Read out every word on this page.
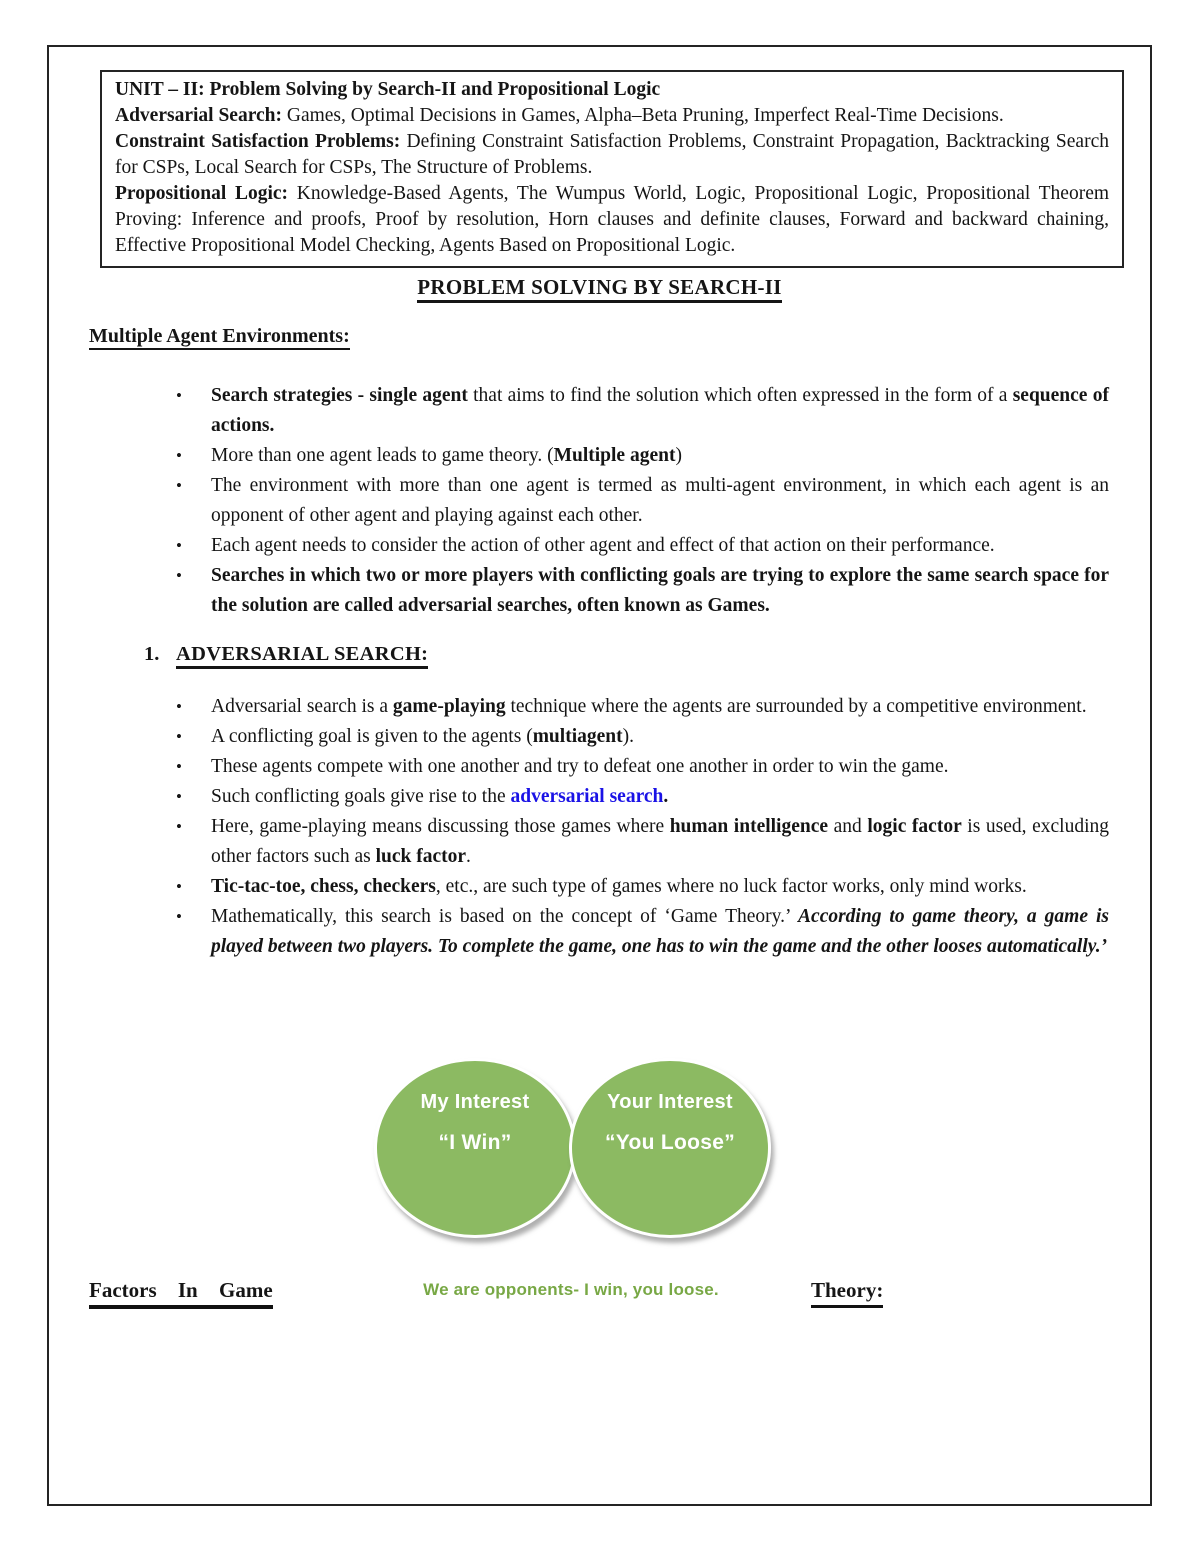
UNIT – II: Problem Solving by Search-II and Propositional Logic

Adversarial Search: Games, Optimal Decisions in Games, Alpha–Beta Pruning, Imperfect Real-Time Decisions.

Constraint Satisfaction Problems: Defining Constraint Satisfaction Problems, Constraint Propagation, Backtracking Search for CSPs, Local Search for CSPs, The Structure of Problems.

Propositional Logic: Knowledge-Based Agents, The Wumpus World, Logic, Propositional Logic, Propositional Theorem Proving: Inference and proofs, Proof by resolution, Horn clauses and definite clauses, Forward and backward chaining, Effective Propositional Model Checking, Agents Based on Propositional Logic.

PROBLEM SOLVING BY SEARCH-II
Multiple Agent Environments:
• Search strategies - single agent that aims to find the solution which often expressed in the form of a sequence of actions.
• More than one agent leads to game theory. (Multiple agent)
• The environment with more than one agent is termed as multi-agent environment, in which each agent is an opponent of other agent and playing against each other.
• Each agent needs to consider the action of other agent and effect of that action on their performance.
• Searches in which two or more players with conflicting goals are trying to explore the same search space for the solution are called adversarial searches, often known as Games.
1. ADVERSARIAL SEARCH:
• Adversarial search is a game-playing technique where the agents are surrounded by a competitive environment.
• A conflicting goal is given to the agents (multiagent).
• These agents compete with one another and try to defeat one another in order to win the game.
• Such conflicting goals give rise to the adversarial search.
• Here, game-playing means discussing those games where human intelligence and logic factor is used, excluding other factors such as luck factor.
• Tic-tac-toe, chess, checkers, etc., are such type of games where no luck factor works, only mind works.
• Mathematically, this search is based on the concept of ‘Game Theory.’ According to game theory, a game is played between two players. To complete the game, one has to win the game and the other looses automatically.’
My Interest
“I Win”
Your Interest
“You Loose”
Factors In Game	We are opponents- I win, you loose.	Theory:
